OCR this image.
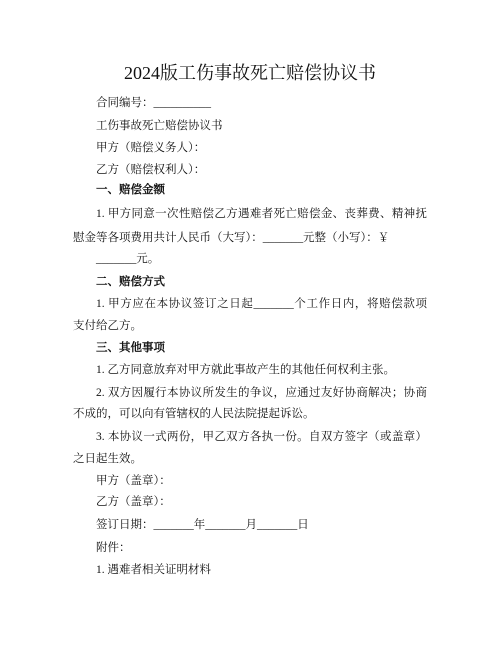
2024版工伤事故死亡赔偿协议书
合同编号：__________
工伤事故死亡赔偿协议书
甲方（赔偿义务人）：
乙方（赔偿权利人）：
一、赔偿金额
1. 甲方同意一次性赔偿乙方遇难者死亡赔偿金、丧葬费、精神抚
慰金等各项费用共计人民币（大写）：_______元整（小写）：￥
_______元。
二、赔偿方式
1. 甲方应在本协议签订之日起_______个工作日内，将赔偿款项
支付给乙方。
三、其他事项
1. 乙方同意放弃对甲方就此事故产生的其他任何权利主张。
2. 双方因履行本协议所发生的争议，应通过友好协商解决；协商
不成的，可以向有管辖权的人民法院提起诉讼。
3. 本协议一式两份，甲乙双方各执一份。自双方签字（或盖章）
之日起生效。
甲方（盖章）：
乙方（盖章）：
签订日期：_______年_______月_______日
附件：
1. 遇难者相关证明材料
